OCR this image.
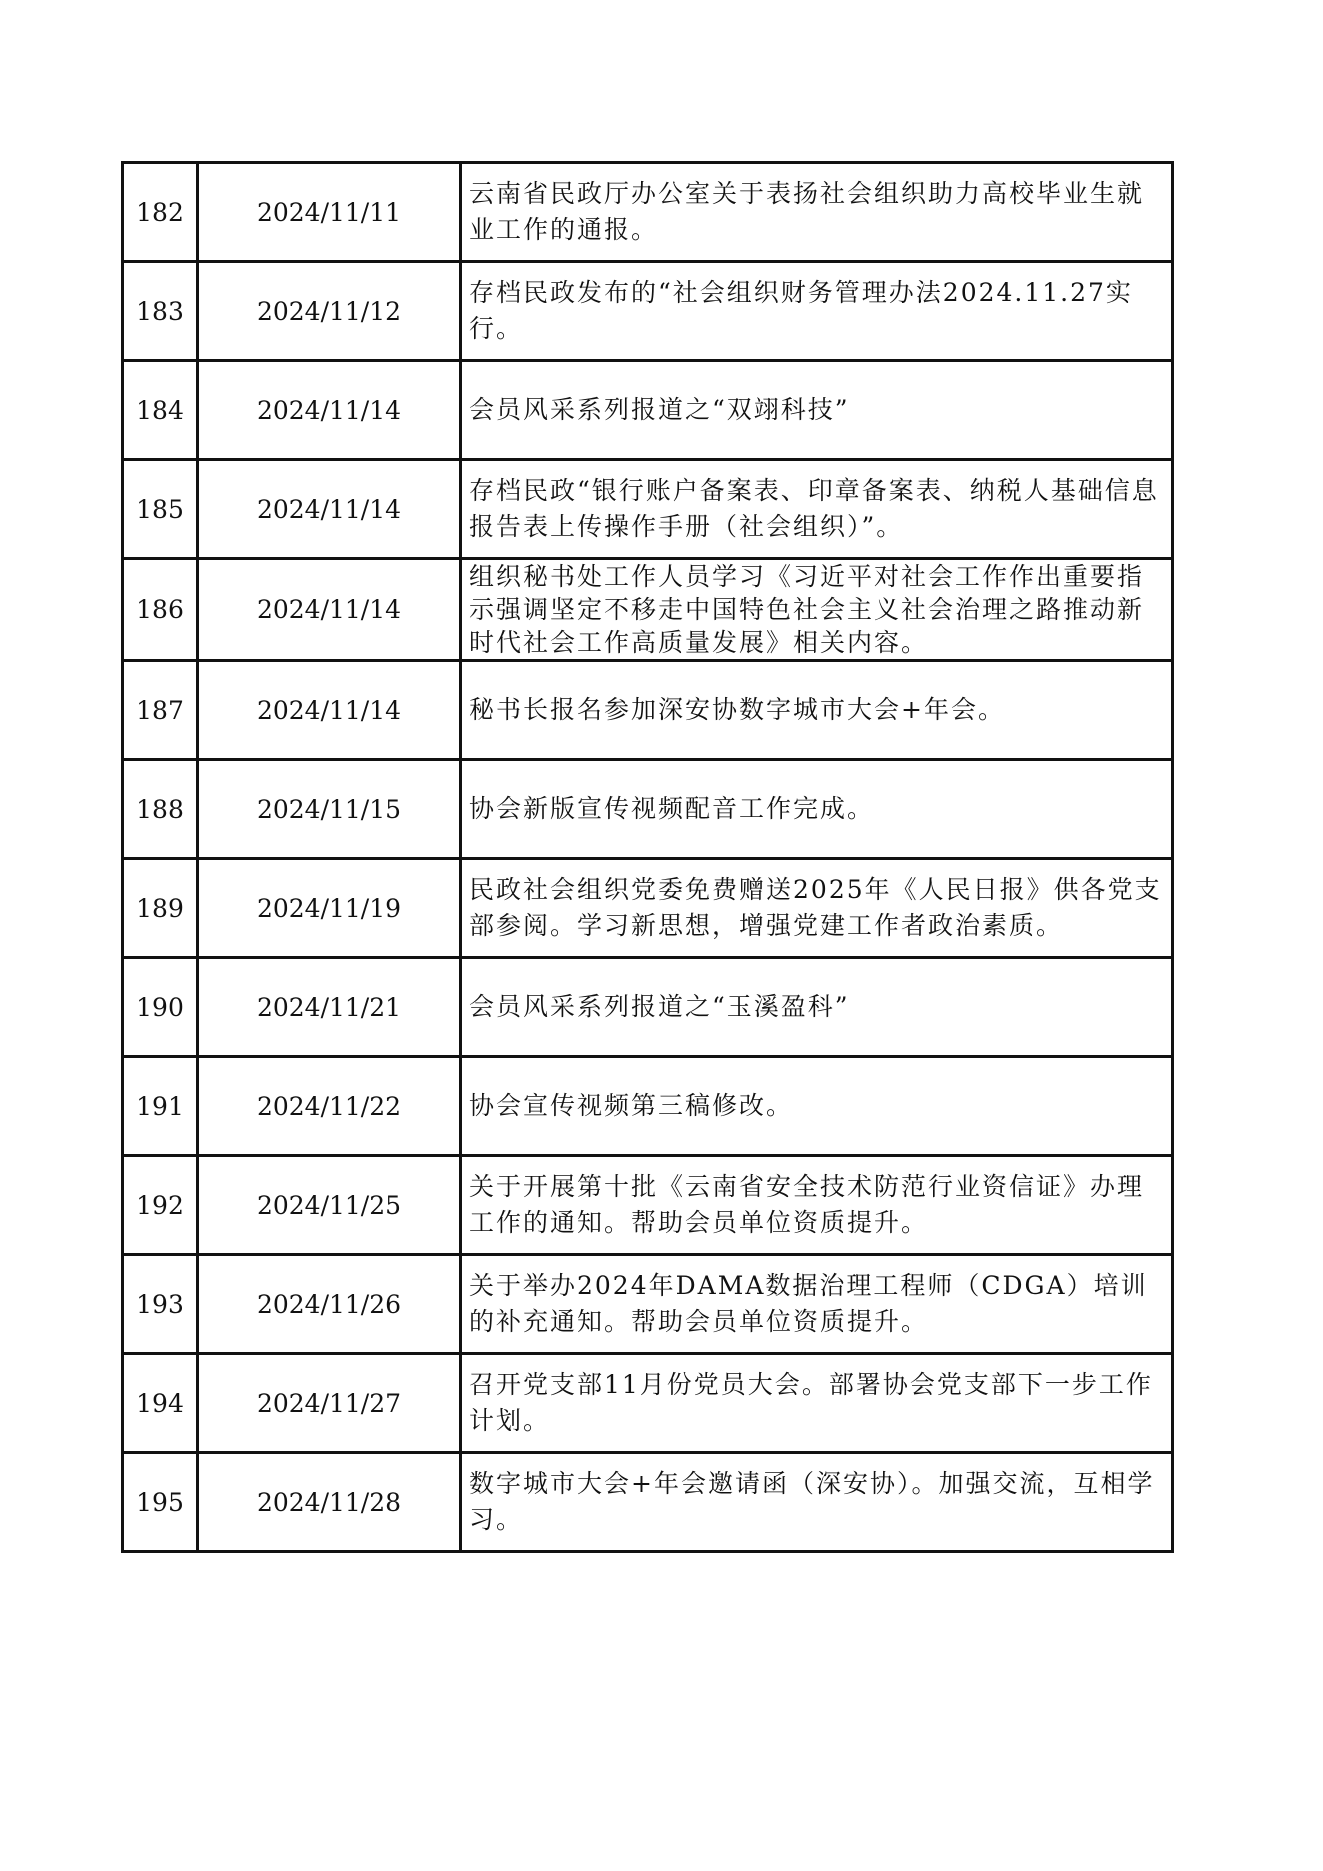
182	2024/11/11	云南省民政厅办公室关于表扬社会组织助力高校毕业生就业工作的通报。
183	2024/11/12	存档民政发布的“社会组织财务管理办法2024.11.27实行。
184	2024/11/14	会员风采系列报道之“双翊科技”
185	2024/11/14	存档民政“银行账户备案表、印章备案表、纳税人基础信息报告表上传操作手册（社会组织）”。
186	2024/11/14	组织秘书处工作人员学习《习近平对社会工作作出重要指示强调坚定不移走中国特色社会主义社会治理之路推动新时代社会工作高质量发展》相关内容。
187	2024/11/14	秘书长报名参加深安协数字城市大会+年会。
188	2024/11/15	协会新版宣传视频配音工作完成。
189	2024/11/19	民政社会组织党委免费赠送2025年《人民日报》供各党支部参阅。学习新思想，增强党建工作者政治素质。
190	2024/11/21	会员风采系列报道之“玉溪盈科”
191	2024/11/22	协会宣传视频第三稿修改。
192	2024/11/25	关于开展第十批《云南省安全技术防范行业资信证》办理工作的通知。帮助会员单位资质提升。
193	2024/11/26	关于举办2024年DAMA数据治理工程师（CDGA）培训的补充通知。帮助会员单位资质提升。
194	2024/11/27	召开党支部11月份党员大会。部署协会党支部下一步工作计划。
195	2024/11/28	数字城市大会+年会邀请函（深安协）。加强交流，互相学习。
